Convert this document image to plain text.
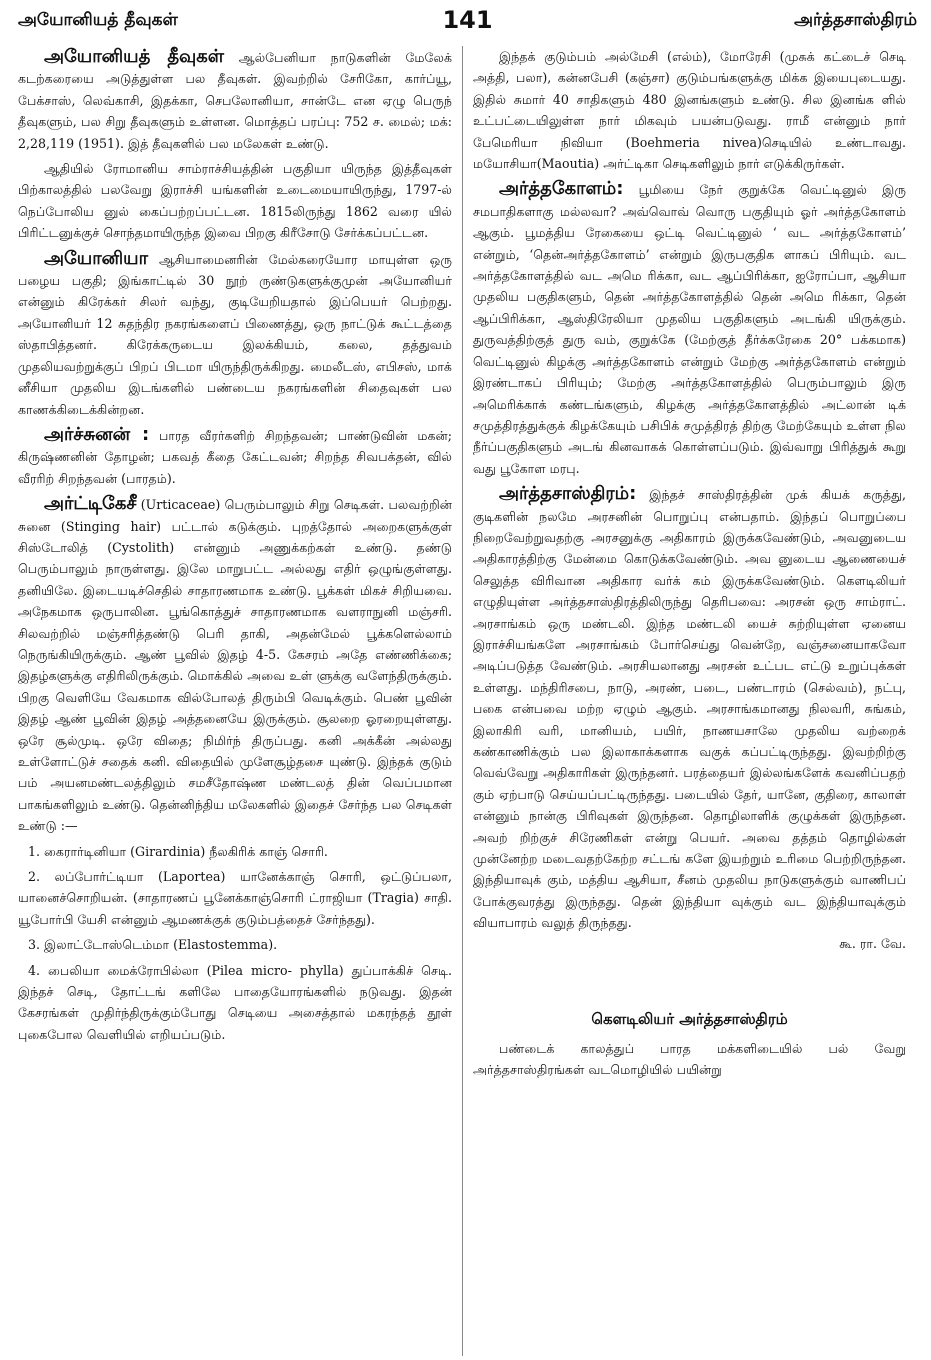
அயோனியத் தீவுகள்	141	அர்த்தசாஸ்திரம்

அயோனியத் தீவுகள் ஆல்பேனியா நாடுகளின் மேலேக் கடற்கரையை அடுத்துள்ள பல தீவுகள். இவற்றில் சேரிகோ, கார்ப்யூ, பேக்சாஸ், லெவ்காசி, இதக்கா, செபலோனியா, சான்டே என ஏழு பெருந் தீவுகளும், பல சிறு தீவுகளும் உள்ளன. மொத்தப் பரப்பு: 752 ச. மைல்; மக்: 2,28,119 (1951). இத் தீவுகளில் பல மலேகள் உண்டு.

ஆதியில் ரோமானிய சாம்ராச்சியத்தின் பகுதியா யிருந்த இத்தீவுகள் பிற்காலத்தில் பலவேறு இராச்சி யங்களின் உடைமையாயிருந்து, 1797-ல் நெப்போலிய னுல் கைப்பற்றப்பட்டன. 1815லிருந்து 1862 வரை யில் பிரிட்டனுக்குச் சொந்தமாயிருந்த இவை பிறகு கிரீசோடு சேர்க்கப்பட்டன.

அயோனியா ஆசியாமைனரின் மேல்கரையோர மாயுள்ள ஒரு பழைய பகுதி; இங்காட்டில் 30 நூற் ருண்டுகளுக்குமுன் அயோனியர் என்னும் கிரேக்கர் சிலர் வந்து, குடியேறியதால் இப்பெயர் பெற்றது. அயோனியர் 12 சுதந்திர நகரங்களைப் பிணைத்து, ஒரு நாட்டுக் கூட்டத்தை ஸ்தாபித்தனர். கிரேக்கருடைய இலக்கியம், கலை, தத்துவம் முதலியவற்றுக்குப் பிறப் பிடமா யிருந்திருக்கிறது. மைலீடஸ், எபிசஸ், மாக் னீசியா முதலிய இடங்களில் பண்டைய நகரங்களின் சிதைவுகள் பல காணக்கிடைக்கின்றன.

அர்ச்சுனன் : பாரத வீரர்களிற் சிறந்தவன்; பாண்டுவின் மகன்; கிருஷ்ணனின் தோழன்; பகவத் கீதை கேட்டவன்; சிறந்த சிவபக்தன், வில் வீரரிற் சிறந்தவன் (பாரதம்).

அர்ட்டிகேசீ (Urticaceae) பெரும்பாலும் சிறு செடிகள். பலவற்றின் சுனை (Stinging hair) பட்டால் கடுக்கும். புறத்தோல் அறைகளுக்குள் சிஸ்டோலித் (Cystolith) என்னும் அணுக்கற்கள் உண்டு. தண்டு பெரும்பாலும் நாருள்ளது. இலே மாறுபட்ட அல்லது எதிர் ஒழுங்குள்ளது. தனியிலே. இடையடிச்செதில் சாதாரணமாக உண்டு. பூக்கள் மிகச் சிறியவை. அநேகமாக ஒருபாலின. பூங்கொத்துச் சாதாரணமாக வளராநுனி மஞ்சரி. சிலவற்றில் மஞ்சரித்தண்டு பெரி தாகி, அதன்மேல் பூக்களெல்லாம் நெருங்கியிருக்கும். ஆண் பூவில் இதழ் 4-5. கேசரம் அதே எண்ணிக்கை; இதழ்களுக்கு எதிரிலிருக்கும். மொக்கில் அவை உள் ளுக்கு வளேந்திருக்கும். பிறகு வெளியே வேகமாக வில்போலத் திரும்பி வெடிக்கும். பெண் பூவின் இதழ் ஆண் பூவின் இதழ் அத்தனையே இருக்கும். சூலறை ஓரறையுள்ளது. ஒரே சூல்முடி. ஒரே விதை; நிமிர்ந் திருப்பது. கனி அக்கீன் அல்லது உள்ளோட்டுச் சதைக் கனி. விதையில் முளேசூழ்தசை யுண்டு. இந்தக் குடும் பம் அயனமண்டலத்திலும் சமசீதோஷ்ண மண்டலத் தின் வெப்பமான பாகங்களிலும் உண்டு. தென்னிந்திய மலேகளில் இதைச் சேர்ந்த பல செடிகள் உண்டு :—

1. கைரார்டினியா (Girardinia) நீலகிரிக் காஞ் சொரி.

2. லப்போர்ட்டியா (Laportea) யானேக்காஞ் சொரி, ஒட்டுப்பலா, யானைச்சொறியன். (சாதாரணப் பூனேக்காஞ்சொரி ட்ராஜியா (Tragia) சாதி. யூபோர்பி யேசி என்னும் ஆமணக்குக் குடும்பத்தைச் சேர்ந்தது).

3. இலாட்டோஸ்டெம்மா (Elastostemma).

4. பைலியா மைக்ரோபில்லா (Pilea micro- phylla) துப்பாக்கிச் செடி. இந்தச் செடி, தோட்டங் களிலே பாதையோரங்களில் நடுவது. இதன் கேசரங்கள் முதிர்ந்திருக்கும்போது செடியை அசைத்தால் மகரந்தத் தூள் புகைபோல வெளியில் எறியப்படும்.

இந்தக் குடும்பம் அல்மேசி (எல்ம்), மோரேசி (முசுக் கட்டைச் செடி அத்தி, பலா), கன்னபேசி (கஞ்சா) குடும்பங்களுக்கு மிக்க இயைபுடையது. இதில் சுமார் 40 சாதிகளும் 480 இனங்களும் உண்டு. சில இனங்க ளில் உட்பட்டையிலுள்ள நார் மிகவும் பயன்படுவது. ராமீ என்னும் நார் பேமெரியா நிவியா (Boehmeria nivea)செடியில் உண்டாவது. மயோசியா(Maoutia) அர்ட்டிகா செடிகளிலும் நார் எடுக்கிருர்கள்.

அர்த்தகோளம்: பூமியை நேர் குறுக்கே வெட்டினுல் இரு சமபாதிகளாகு மல்லவா? அவ்வொவ் வொரு பகுதியும் ஓர் அர்த்தகோளம் ஆகும். பூமத்திய ரேகையை ஒட்டி வெட்டினுல் ‘ வட அர்த்தகோளம்’ என்றும், ‘தென்அர்த்தகோளம்’ என்றும் இருபகுதிக ளாகப் பிரியும். வட அர்த்தகோளத்தில் வட அமெ ரிக்கா, வட ஆப்பிரிக்கா, ஐரோப்பா, ஆசியா முதலிய பகுதிகளும், தென் அர்த்தகோளத்தில் தென் அமெ ரிக்கா, தென் ஆப்பிரிக்கா, ஆஸ்திரேலியா முதலிய பகுதிகளும் அடங்கி யிருக்கும். துருவத்திற்குத் துரு வம், குறுக்கே (மேற்குத் தீர்க்கரேகை 20° பக்கமாக) வெட்டினுல் கிழக்கு அர்த்தகோளம் என்றும் மேற்கு அர்த்தகோளம் என்றும் இரண்டாகப் பிரியும்; மேற்கு அர்த்தகோளத்தில் பெரும்பாலும் இரு அமெரிக்காக் கண்டங்களும், கிழக்கு அர்த்தகோளத்தில் அட்லான் டிக் சமுத்திரத்துக்குக் கிழக்கேயும் பசிபிக் சமுத்திரத் திற்கு மேற்கேயும் உள்ள நில நீர்ப்பகுதிகளும் அடங் கினவாகக் கொள்ளப்படும். இவ்வாறு பிரித்துக் கூறு வது பூகோள மரபு.

அர்த்தசாஸ்திரம்: இந்தச் சாஸ்திரத்தின் முக் கியக் கருத்து, குடிகளின் நலமே அரசனின் பொறுப்பு என்பதாம். இந்தப் பொறுப்பை நிறைவேற்றுவதற்கு அரசனுக்கு அதிகாரம் இருக்கவேண்டும், அவனுடைய அதிகாரத்திற்கு மேன்மை கொடுக்கவேண்டும். அவ னுடைய ஆணையைச் செலுத்த விரிவான அதிகார வர்க் கம் இருக்கவேண்டும். கௌடிலியர் எழுதியுள்ள அர்த்தசாஸ்திரத்திலிருந்து தெரிபவை: அரசன் ஒரு சாம்ராட். அரசாங்கம் ஒரு மண்டலி. இந்த மண்டலி யைச் சுற்றியுள்ள ஏனைய இராச்சியங்களே அரசாங்கம் போர்செய்து வென்றே, வஞ்சனையாகவோ அடிப்படுத்த வேண்டும். அரசியலானது அரசன் உட்பட எட்டு உறுப்புக்கள் உள்ளது. மந்திரிசபை, நாடு, அரண், படை, பண்டாரம் (செல்வம்), நட்பு, பகை என்பவை மற்ற ஏழும் ஆகும். அரசாங்கமானது நிலவரி, சுங்கம், இலாகிரி வரி, மானியம், பயிர், நாணயசாலே முதலிய வற்றைக் கண்காணிக்கும் பல இலாகாக்களாக வகுக் கப்பட்டிருந்தது. இவற்றிற்கு வெவ்வேறு அதிகாரிகள் இருந்தனர். பரத்தையர் இல்லங்களேக் கவனிப்பதற் கும் ஏற்பாடு செய்யப்பட்டிருந்தது. படையில் தேர், யானே, குதிரை, காலாள் என்னும் நான்கு பிரிவுகள் இருந்தன. தொழிலாளிக் குழுக்கள் இருந்தன. அவற் றிற்குச் சிரேணிகள் என்று பெயர். அவை தத்தம் தொழில்கள் முன்னேற்ற மடைவதற்கேற்ற சட்டங் களே இயற்றும் உரிமை பெற்றிருந்தன. இந்தியாவுக் கும், மத்திய ஆசியா, சீனம் முதலிய நாடுகளுக்கும் வாணிபப் போக்குவரத்து இருந்தது. தென் இந்தியா வுக்கும் வட இந்தியாவுக்கும் வியாபாரம் வலுத் திருந்தது.

கூ. ரா. வே.
கௌடிலியர் அர்த்தசாஸ்திரம்

பண்டைக் காலத்துப் பாரத மக்களிடையில் பல் வேறு அர்த்தசாஸ்திரங்கள் வடமொழியில் பயின்று
